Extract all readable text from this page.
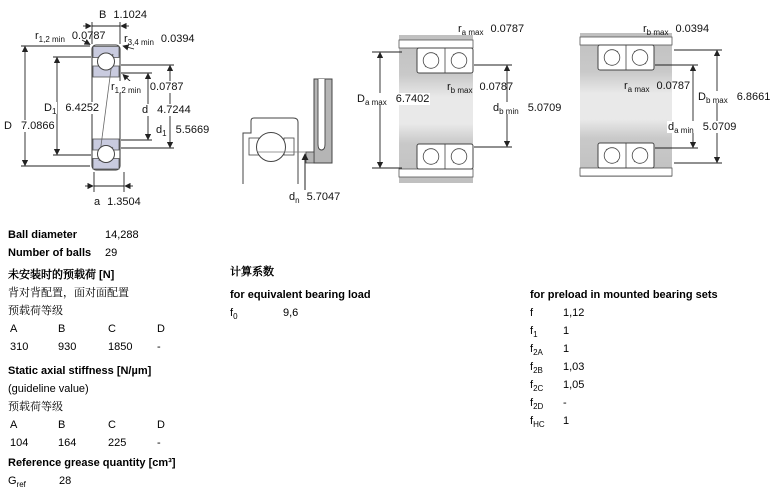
B 1.1024
$r_{1,2 min}$ 0.0787 $r_{3,4 min}$ 0.0394
$r_{1,2 min}$ 0.0787
$D_1$ 6.4252
D 7.0866
d 4.7244
$d_1$ 5.5669
a 1.3504	$d_n$ 5.7047
$r_{a max}$ 0.0787
$D_{a max}$ 6.7402
$r_{b max}$ 0.0787
$d_{b min}$ 5.0709
$r_{b max}$ 0.0394
$r_{a max}$ 0.0787
$D_{b max}$ 6.8661
$d_{a min}$ 5.0709
Ball diameter	14,288
Number of balls 29
未安装时的预载荷 [N]
背对背配置，面对面配置
预载荷等级
A	B	C	D
310	930	1850 -
Static axial stiffness [N/µm]
(guideline value)
预载荷等级
A	B	C	D
104	164	225	-
Reference grease quantity [cm³]
$G_{ref}$	28
计算系数
for equivalent bearing load
$f_0$	9,6
for preload in mounted bearing sets
f	1,12
$f_1$ 1
$f_{2A}$ 1
$f_{2B}$ 1,03
$f_{2C}$ 1,05
$f_{2D}$ -
$f_{HC}$ 1
